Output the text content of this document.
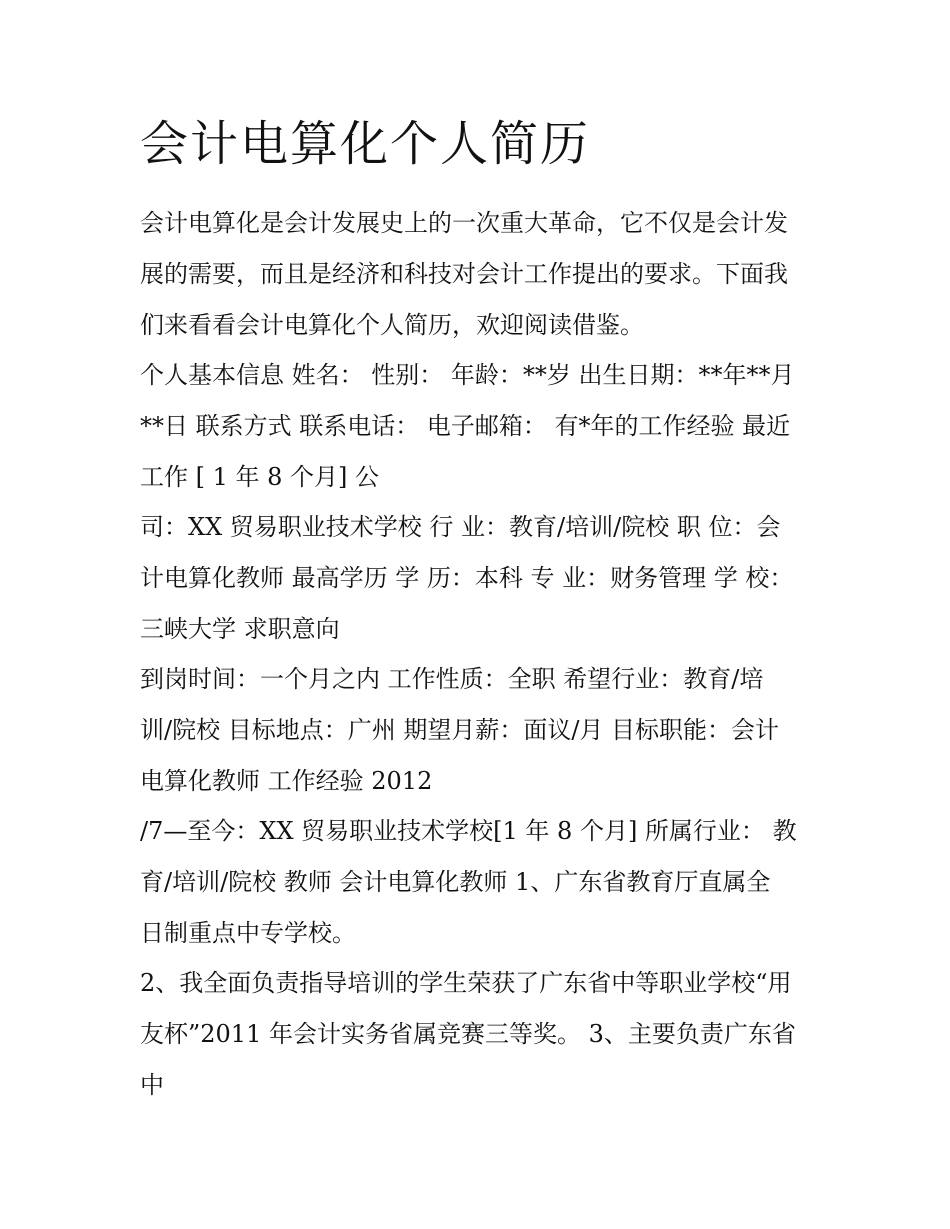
会计电算化个人简历
会计电算化是会计发展史上的一次重大革命，它不仅是会计发
展的需要，而且是经济和科技对会计工作提出的要求。下面我
们来看看会计电算化个人简历，欢迎阅读借鉴。
个人基本信息 姓名： 性别： 年龄：**岁 出生日期：**年**月
**日 联系方式 联系电话： 电子邮箱： 有*年的工作经验 最近
工作 [ 1 年 8 个月] 公
司：XX 贸易职业技术学校 行 业：教育/培训/院校 职 位：会
计电算化教师 最高学历 学 历：本科 专 业：财务管理 学 校：
三峡大学 求职意向
到岗时间：一个月之内 工作性质：全职 希望行业：教育/培
训/院校 目标地点：广州 期望月薪：面议/月 目标职能：会计
电算化教师 工作经验 2012
/7—至今：XX 贸易职业技术学校[1 年 8 个月] 所属行业： 教
育/培训/院校 教师 会计电算化教师 1、广东省教育厅直属全
日制重点中专学校。
2、我全面负责指导培训的学生荣获了广东省中等职业学校“用
友杯”2011 年会计实务省属竞赛三等奖。 3、主要负责广东省
中
